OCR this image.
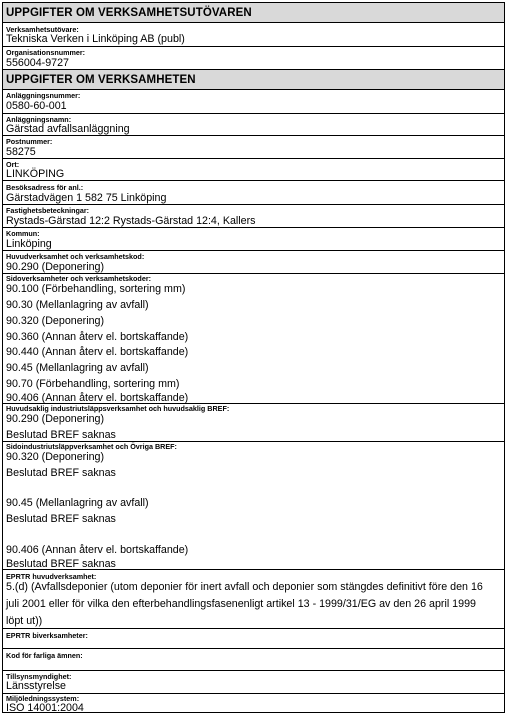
UPPGIFTER OM VERKSAMHETSUTÖVAREN
Verksamhetsutövare:
Tekniska Verken i Linköping AB (publ)
Organisationsnummer:
556004-9727
UPPGIFTER OM VERKSAMHETEN
Anläggningsnummer:
0580-60-001
Anläggningsnamn:
Gärstad avfallsanläggning
Postnummer:
58275
Ort:
LINKÖPING
Besöksadress för anl.:
Gärstadvägen 1 582 75 Linköping
Fastighetsbeteckningar:
Rystads-Gärstad 12:2 Rystads-Gärstad 12:4, Kallers
Kommun:
Linköping
Huvudverksamhet och verksamhetskod:
90.290 (Deponering)
Sidoverksamheter och verksamhetskoder:
90.100 (Förbehandling, sortering mm)
90.30 (Mellanlagring av avfall)
90.320 (Deponering)
90.360 (Annan återv el. bortskaffande)
90.440 (Annan återv el. bortskaffande)
90.45 (Mellanlagring av avfall)
90.70 (Förbehandling, sortering mm)
90.406 (Annan återv el. bortskaffande)
Huvudsaklig industriutsläppsverksamhet och huvudsaklig BREF:
90.290 (Deponering)
Beslutad BREF saknas
Sidoindustriutsläppverksamhet och Övriga BREF:
90.320 (Deponering)
Beslutad BREF saknas
90.45 (Mellanlagring av avfall)
Beslutad BREF saknas
90.406 (Annan återv el. bortskaffande)
Beslutad BREF saknas
EPRTR huvudverksamhet:
5.(d) (Avfallsdeponier (utom deponier för inert avfall och deponier som stängdes definitivt före den 16 juli 2001 eller för vilka den efterbehandlingsfasenenligt artikel 13 - 1999/31/EG av den 26 april 1999 löpt ut))
EPRTR biverksamheter:
Kod för farliga ämnen:
Tillsynsmyndighet:
Länsstyrelse
Miljöledningssystem:
ISO 14001:2004
